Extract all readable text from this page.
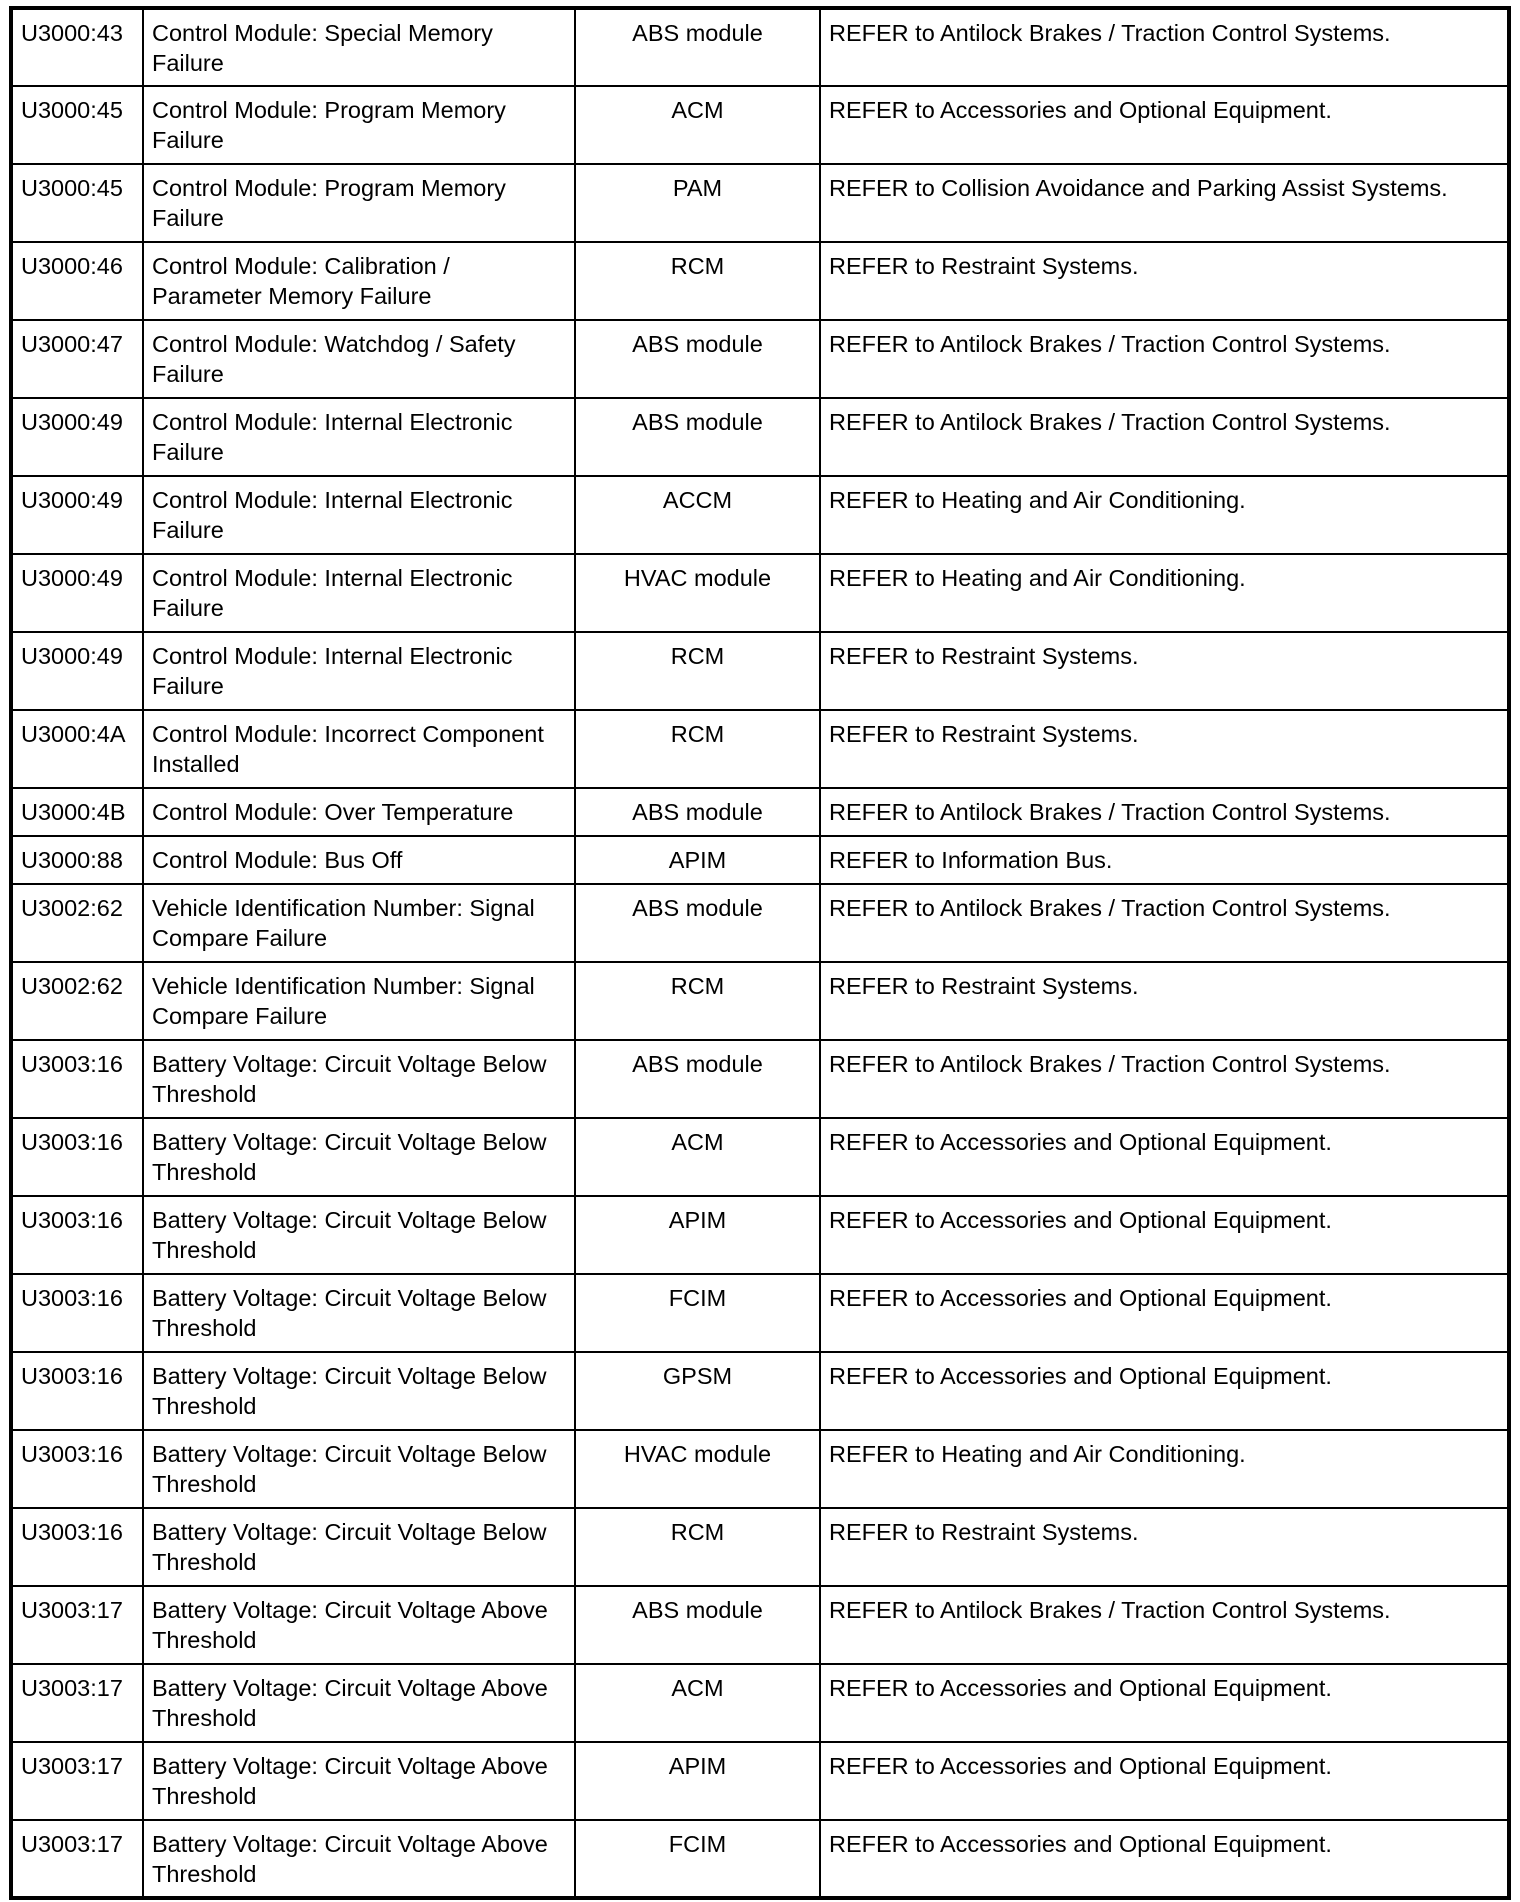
U3000:43	Control Module: Special Memory Failure	ABS module	REFER to Antilock Brakes / Traction Control Systems.
U3000:45	Control Module: Program Memory Failure	ACM	REFER to Accessories and Optional Equipment.
U3000:45	Control Module: Program Memory Failure	PAM	REFER to Collision Avoidance and Parking Assist Systems.
U3000:46	Control Module: Calibration / Parameter Memory Failure	RCM	REFER to Restraint Systems.
U3000:47	Control Module: Watchdog / Safety Failure	ABS module	REFER to Antilock Brakes / Traction Control Systems.
U3000:49	Control Module: Internal Electronic Failure	ABS module	REFER to Antilock Brakes / Traction Control Systems.
U3000:49	Control Module: Internal Electronic Failure	ACCM	REFER to Heating and Air Conditioning.
U3000:49	Control Module: Internal Electronic Failure	HVAC module	REFER to Heating and Air Conditioning.
U3000:49	Control Module: Internal Electronic Failure	RCM	REFER to Restraint Systems.
U3000:4A	Control Module: Incorrect Component Installed	RCM	REFER to Restraint Systems.
U3000:4B	Control Module: Over Temperature	ABS module	REFER to Antilock Brakes / Traction Control Systems.
U3000:88	Control Module: Bus Off	APIM	REFER to Information Bus.
U3002:62	Vehicle Identification Number: Signal Compare Failure	ABS module	REFER to Antilock Brakes / Traction Control Systems.
U3002:62	Vehicle Identification Number: Signal Compare Failure	RCM	REFER to Restraint Systems.
U3003:16	Battery Voltage: Circuit Voltage Below Threshold	ABS module	REFER to Antilock Brakes / Traction Control Systems.
U3003:16	Battery Voltage: Circuit Voltage Below Threshold	ACM	REFER to Accessories and Optional Equipment.
U3003:16	Battery Voltage: Circuit Voltage Below Threshold	APIM	REFER to Accessories and Optional Equipment.
U3003:16	Battery Voltage: Circuit Voltage Below Threshold	FCIM	REFER to Accessories and Optional Equipment.
U3003:16	Battery Voltage: Circuit Voltage Below Threshold	GPSM	REFER to Accessories and Optional Equipment.
U3003:16	Battery Voltage: Circuit Voltage Below Threshold	HVAC module	REFER to Heating and Air Conditioning.
U3003:16	Battery Voltage: Circuit Voltage Below Threshold	RCM	REFER to Restraint Systems.
U3003:17	Battery Voltage: Circuit Voltage Above Threshold	ABS module	REFER to Antilock Brakes / Traction Control Systems.
U3003:17	Battery Voltage: Circuit Voltage Above Threshold	ACM	REFER to Accessories and Optional Equipment.
U3003:17	Battery Voltage: Circuit Voltage Above Threshold	APIM	REFER to Accessories and Optional Equipment.
U3003:17	Battery Voltage: Circuit Voltage Above Threshold	FCIM	REFER to Accessories and Optional Equipment.
